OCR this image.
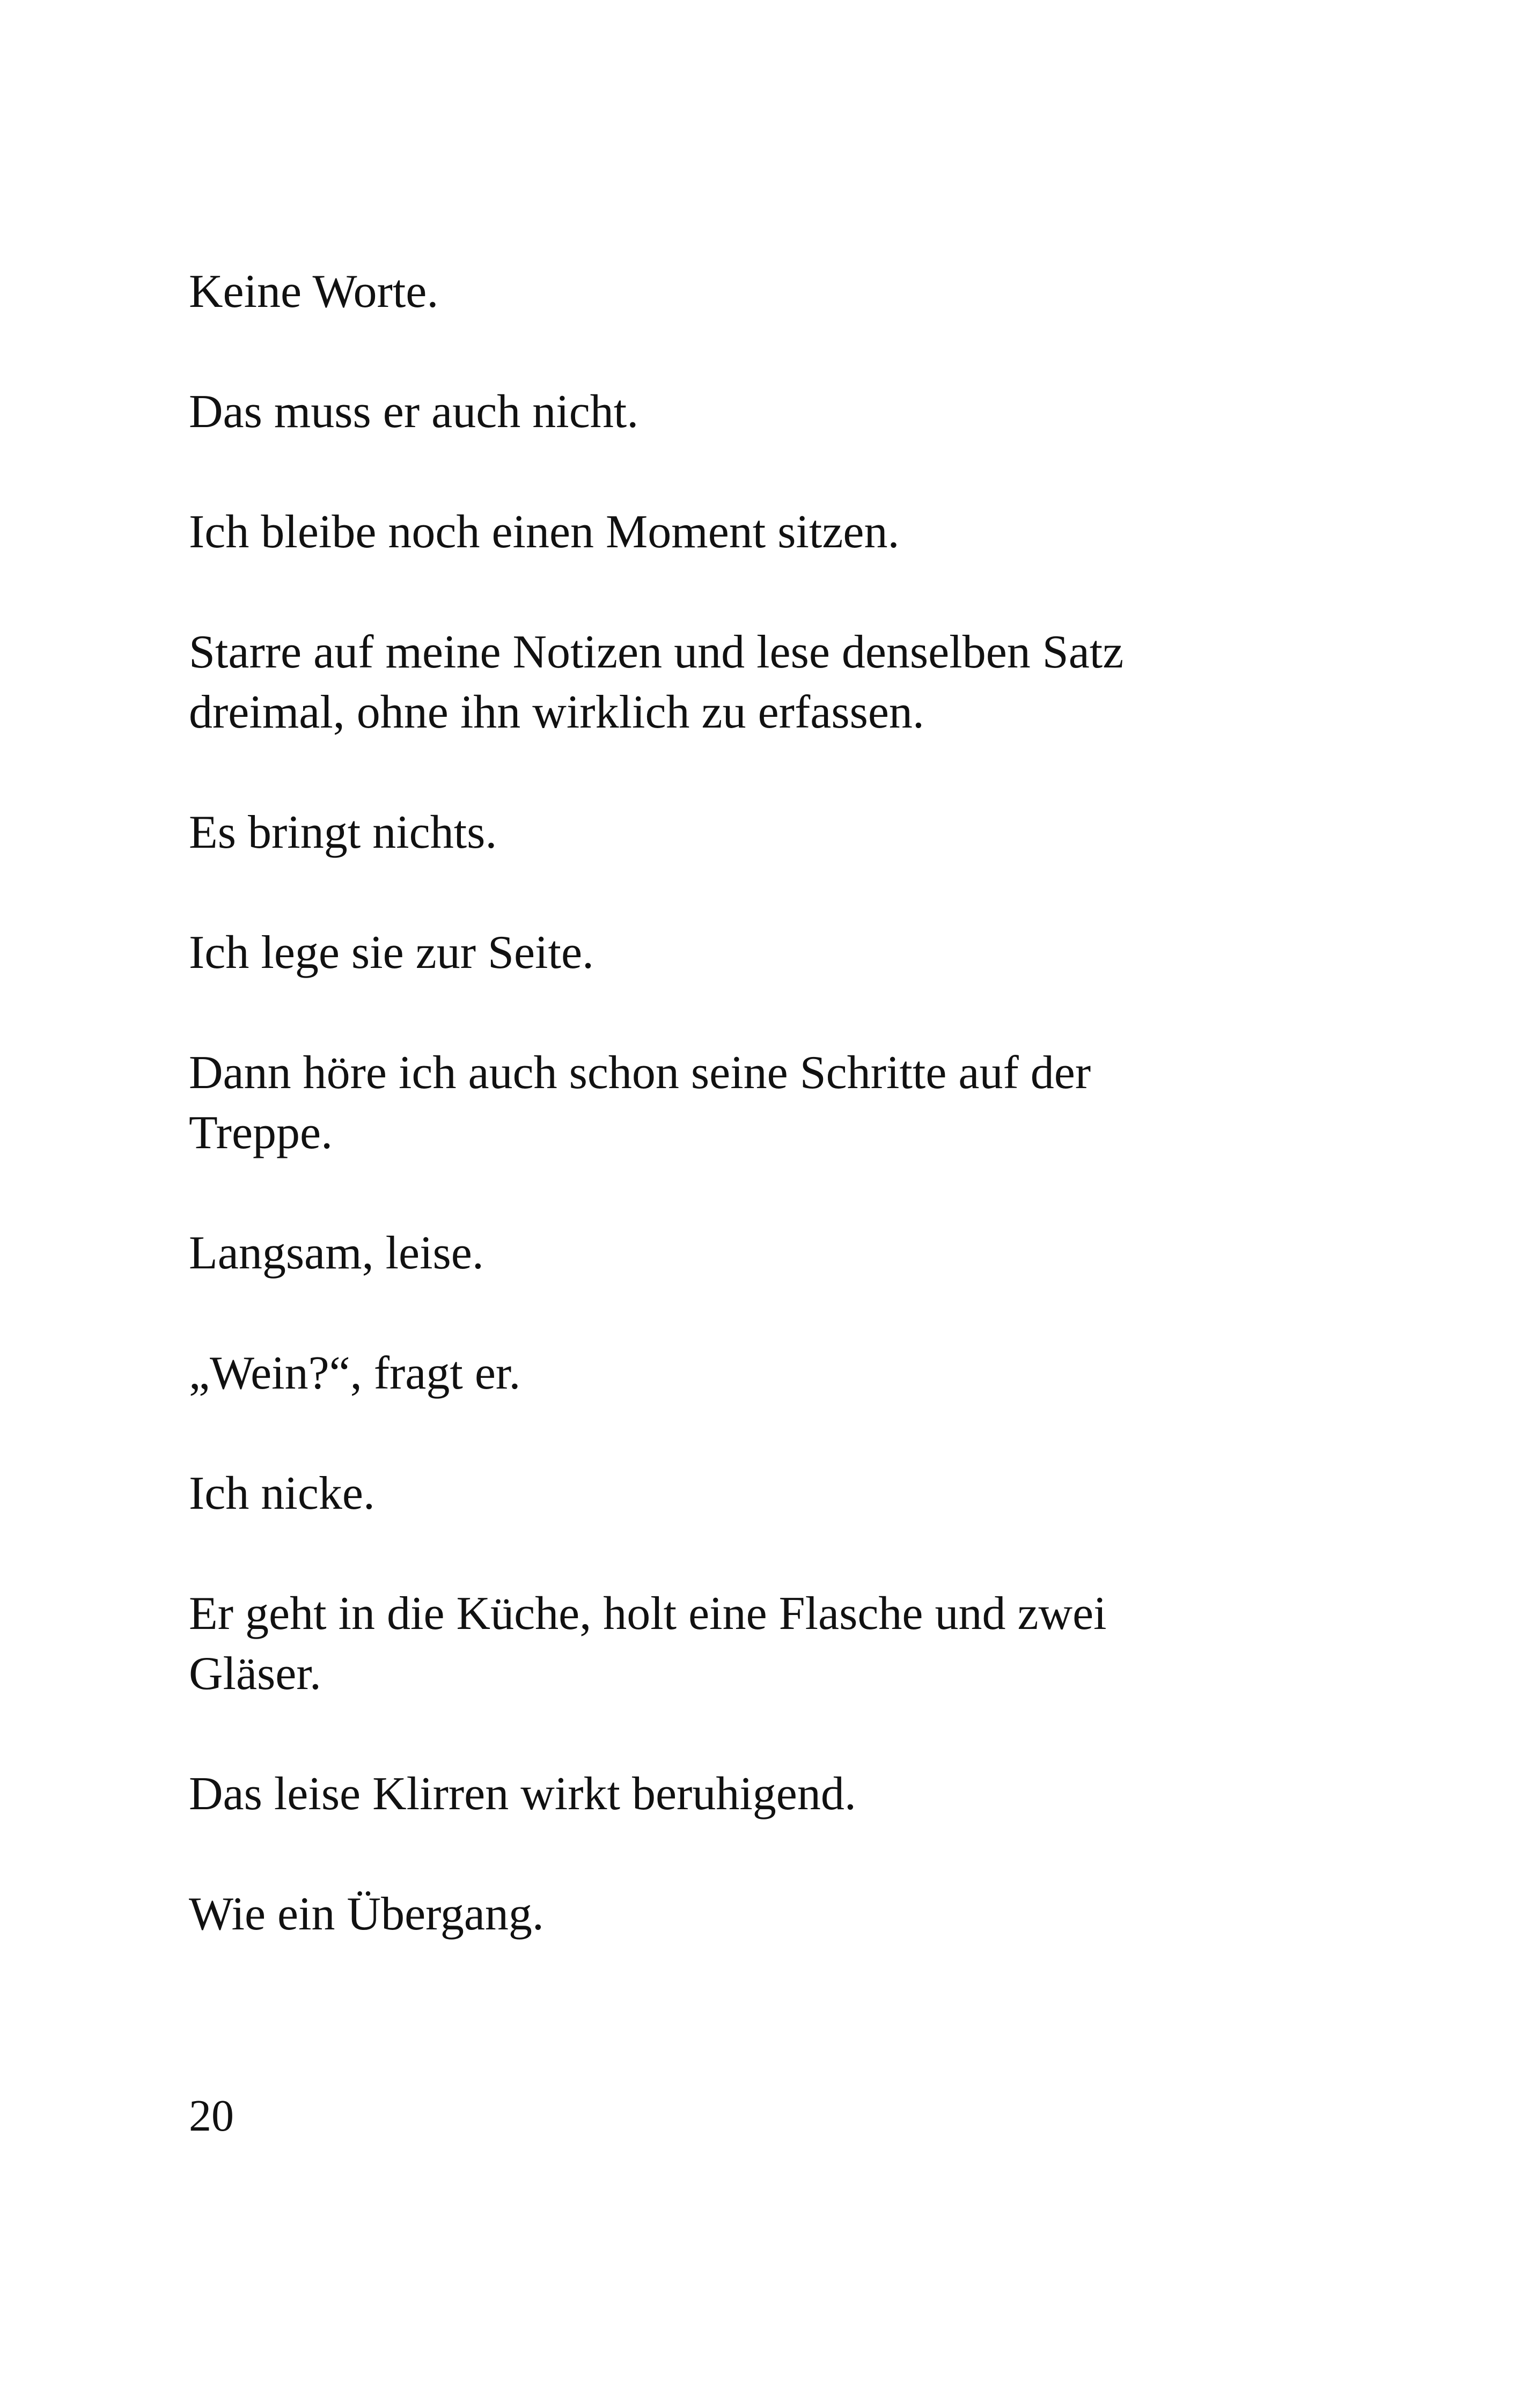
Keine Worte.

Das muss er auch nicht.

Ich bleibe noch einen Moment sitzen.

Starre auf meine Notizen und lese denselben Satz
dreimal, ohne ihn wirklich zu erfassen.

Es bringt nichts.

Ich lege sie zur Seite.

Dann höre ich auch schon seine Schritte auf der
Treppe.

Langsam, leise.

„Wein?“, fragt er.

Ich nicke.

Er geht in die Küche, holt eine Flasche und zwei
Gläser.

Das leise Klirren wirkt beruhigend.

Wie ein Übergang.

20
